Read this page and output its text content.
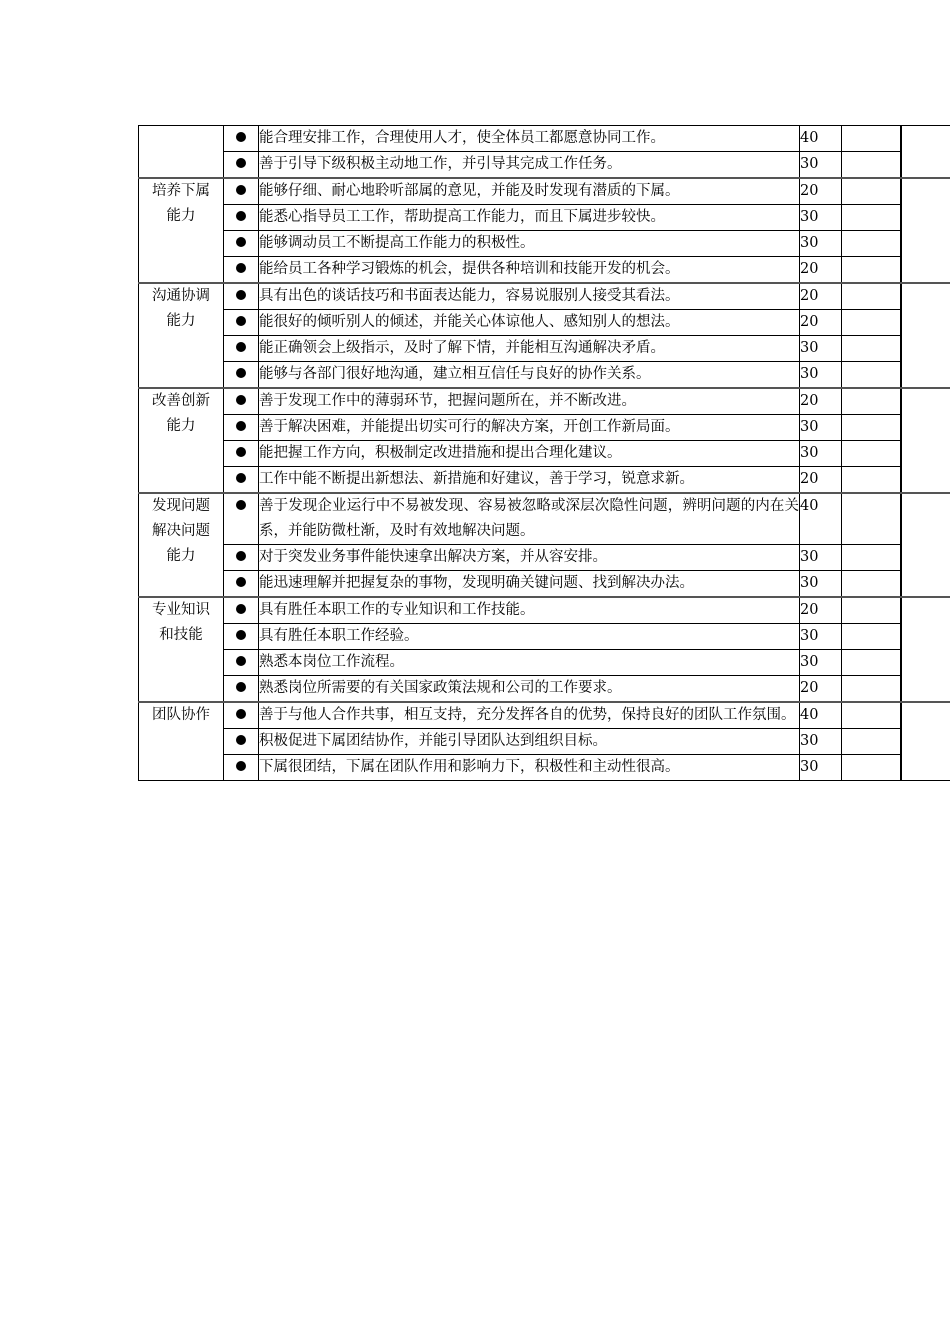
		能合理安排工作，合理使用人才，使全体员工都愿意协同工作。	40			
		善于引导下级积极主动地工作，并引导其完成工作任务。	30		

培养下属
能力		能够仔细、耐心地聆听部属的意见，并能及时发现有潜质的下属。	20			
		能悉心指导员工工作，帮助提高工作能力，而且下属进步较快。	30		
		能够调动员工不断提高工作能力的积极性。	30		
		能给员工各种学习锻炼的机会，提供各种培训和技能开发的机会。	20		

沟通协调
能力		具有出色的谈话技巧和书面表达能力，容易说服别人接受其看法。	20			
		能很好的倾听别人的倾述，并能关心体谅他人、感知别人的想法。	20		
		能正确领会上级指示，及时了解下情，并能相互沟通解决矛盾。	30		
		能够与各部门很好地沟通，建立相互信任与良好的协作关系。	30		

改善创新
能力		善于发现工作中的薄弱环节，把握问题所在，并不断改进。	20			
		善于解决困难，并能提出切实可行的解决方案，开创工作新局面。	30		
		能把握工作方向，积极制定改进措施和提出合理化建议。	30		
		工作中能不断提出新想法、新措施和好建议，善于学习，锐意求新。	20		

发现问题
解决问题
能力		善于发现企业运行中不易被发现、容易被忽略或深层次隐性问题，辨明问题的内在关系，并能防微杜渐，及时有效地解决问题。	40			
		对于突发业务事件能快速拿出解决方案，并从容安排。	30		
		能迅速理解并把握复杂的事物，发现明确关键问题、找到解决办法。	30		

专业知识
和技能		具有胜任本职工作的专业知识和工作技能。	20			
		具有胜任本职工作经验。	30		
		熟悉本岗位工作流程。	30		
		熟悉岗位所需要的有关国家政策法规和公司的工作要求。	20		

团队协作		善于与他人合作共事，相互支持，充分发挥各自的优势，保持良好的团队工作氛围。	40			
		积极促进下属团结协作，并能引导团队达到组织目标。	30		
		下属很团结，下属在团队作用和影响力下，积极性和主动性很高。	30		
